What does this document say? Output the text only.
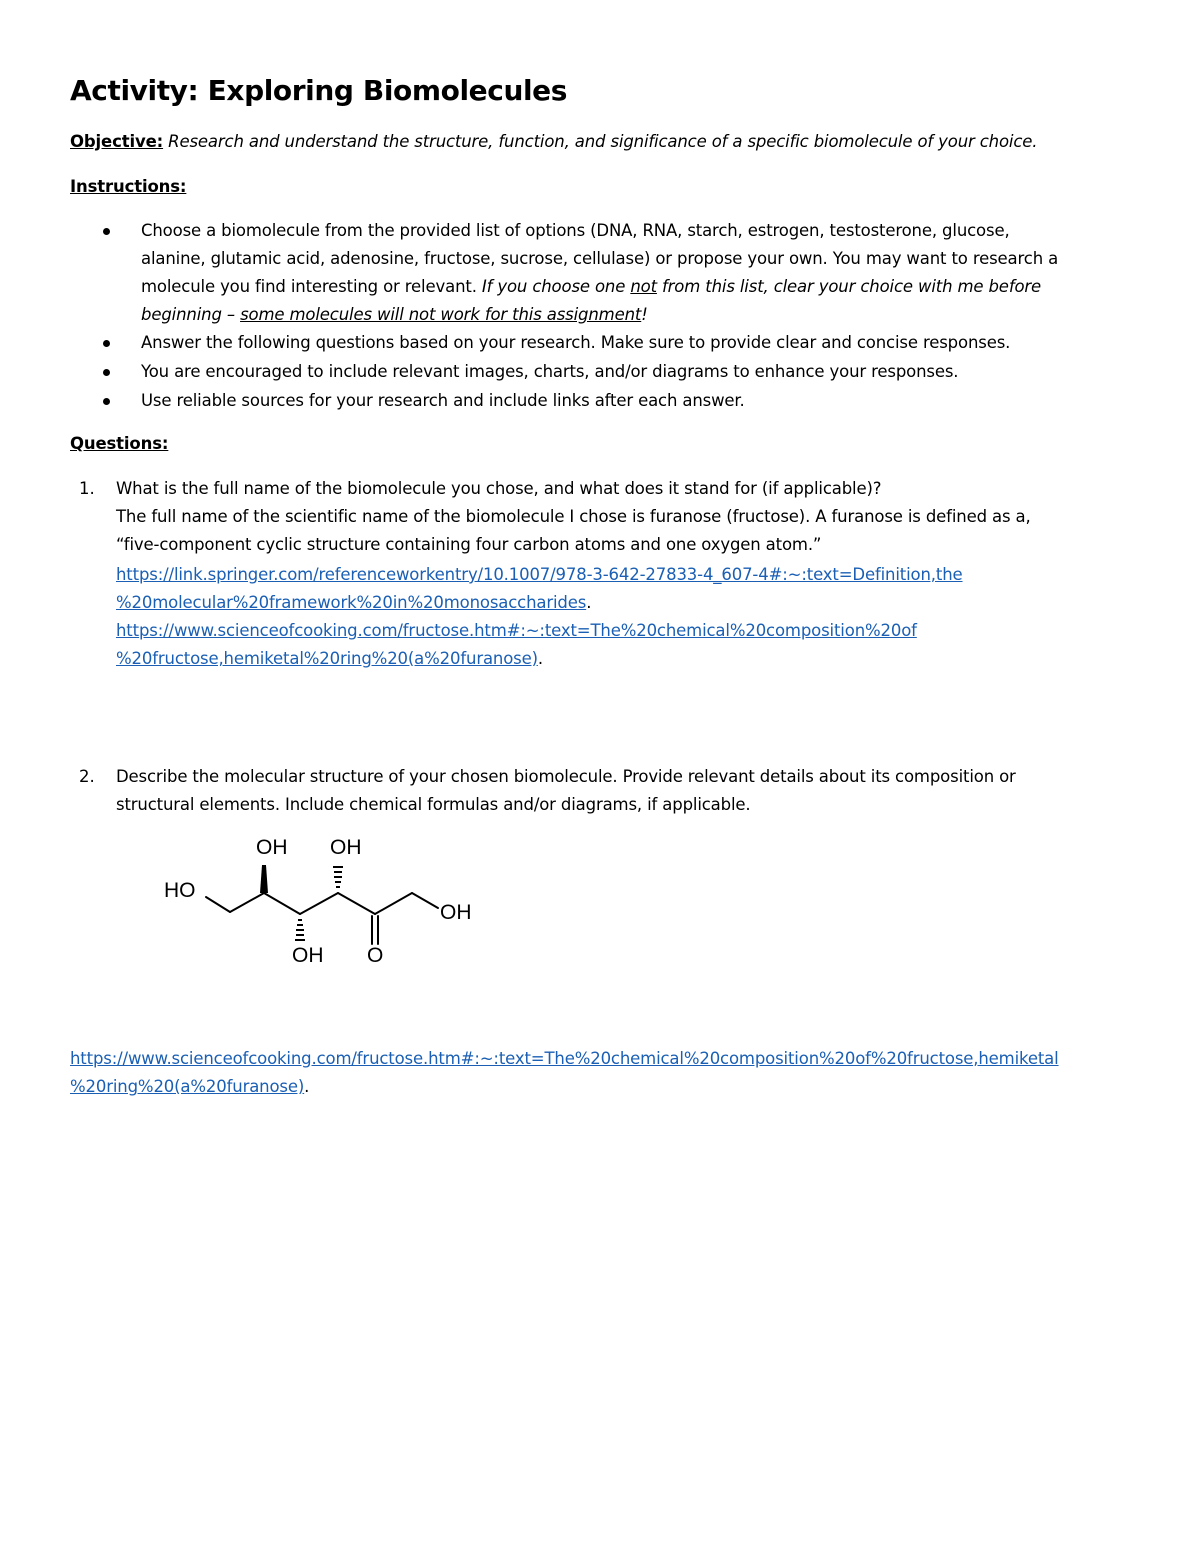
Activity: Exploring Biomolecules
Objective: Research and understand the structure, function, and significance of a specific biomolecule of your choice.
Instructions:
Choose a biomolecule from the provided list of options (DNA, RNA, starch, estrogen, testosterone, glucose,
alanine, glutamic acid, adenosine, fructose, sucrose, cellulase) or propose your own. You may want to research a
molecule you find interesting or relevant. If you choose one not from this list, clear your choice with me before
beginning – some molecules will not work for this assignment!
Answer the following questions based on your research. Make sure to provide clear and concise responses.
You are encouraged to include relevant images, charts, and/or diagrams to enhance your responses.
Use reliable sources for your research and include links after each answer.
Questions:
1. What is the full name of the biomolecule you chose, and what does it stand for (if applicable)?
The full name of the scientific name of the biomolecule I chose is furanose (fructose). A furanose is defined as a,
“five-component cyclic structure containing four carbon atoms and one oxygen atom.”
https://link.springer.com/referenceworkentry/10.1007/978-3-642-27833-4_607-4#:~:text=Definition,the
%20molecular%20framework%20in%20monosaccharides.
https://www.scienceofcooking.com/fructose.htm#:~:text=The%20chemical%20composition%20of
%20fructose,hemiketal%20ring%20(a%20furanose).
2. Describe the molecular structure of your chosen biomolecule. Provide relevant details about its composition or
structural elements. Include chemical formulas and/or diagrams, if applicable.
OH OH
HO
OH
OH O
https://www.scienceofcooking.com/fructose.htm#:~:text=The%20chemical%20composition%20of%20fructose,hemiketal
%20ring%20(a%20furanose).
